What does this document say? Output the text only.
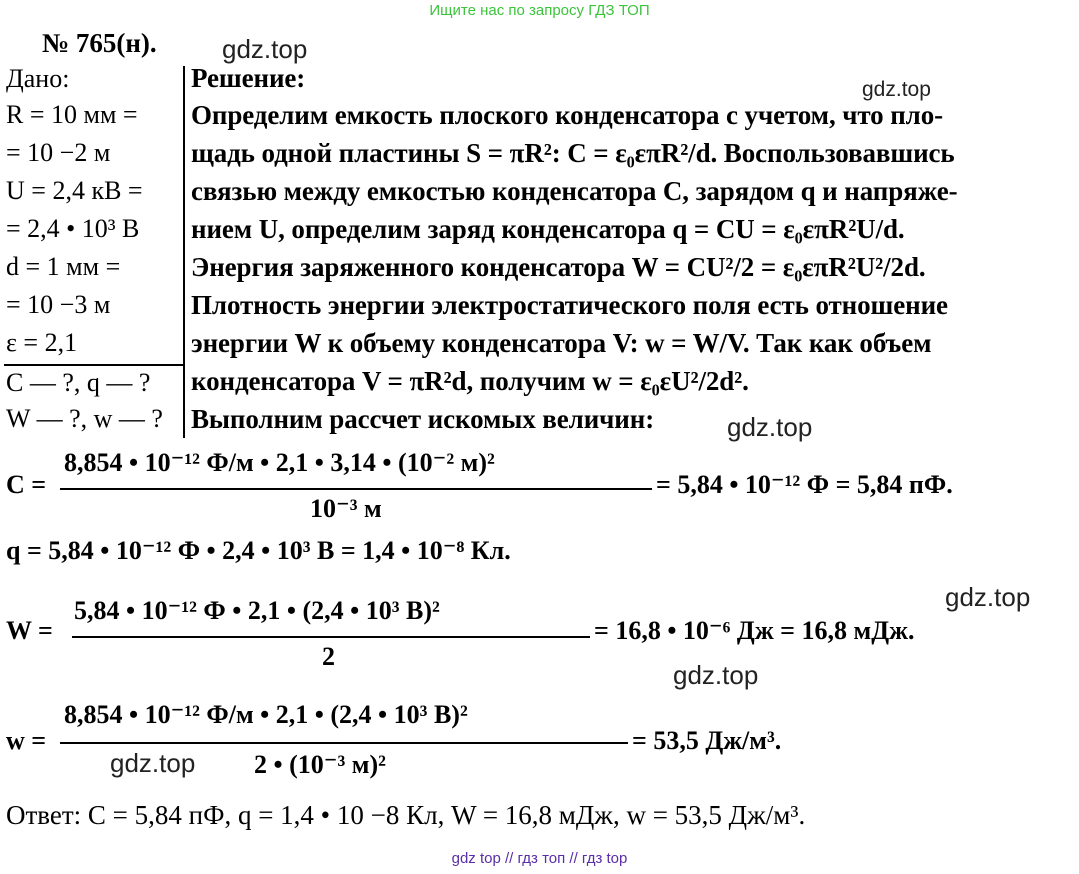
Ищите нас по запросу ГДЗ ТОП
№ 765(н).	gdz.top
gdz.top
gdz.top
gdz.top
gdz.top
gdz.top
Дано:
R = 10 мм =
= 10 −2 м
U = 2,4 кВ =
= 2,4 • 10³ В
d = 1 мм =
= 10 −3 м
ε = 2,1
C — ?, q — ?
W — ?, w — ?
Решение:
Определим емкость плоского конденсатора с учетом, что пло-
щадь одной пластины S = πR²: C = ε₀επR²/d. Воспользовавшись
связью между емкостью конденсатора C, зарядом q и напряже-
нием U, определим заряд конденсатора q = CU = ε₀επR²U/d.
Энергия заряженного конденсатора W = CU²/2 = ε₀επR²U²/2d.
Плотность энергии электростатического поля есть отношение
энергии W к объему конденсатора V: w = W/V. Так как объем
конденсатора V = πR²d, получим w = ε₀εU²/2d².
Выполним рассчет искомых величин:
C =
8,854 • 10⁻¹² Ф/м • 2,1 • 3,14 • (10⁻² м)²
10⁻³ м
= 5,84 • 10⁻¹² Ф = 5,84 пФ.
q = 5,84 • 10⁻¹² Ф • 2,4 • 10³ В = 1,4 • 10⁻⁸ Кл.
W =
5,84 • 10⁻¹² Ф • 2,1 • (2,4 • 10³ В)²
2
= 16,8 • 10⁻⁶ Дж = 16,8 мДж.
w =
8,854 • 10⁻¹² Ф/м • 2,1 • (2,4 • 10³ В)²
2 • (10⁻³ м)²
= 53,5 Дж/м³.
Ответ: C = 5,84 пФ, q = 1,4 • 10 −8 Кл, W = 16,8 мДж, w = 53,5 Дж/м³.
gdz top // гдз топ // гдз top
